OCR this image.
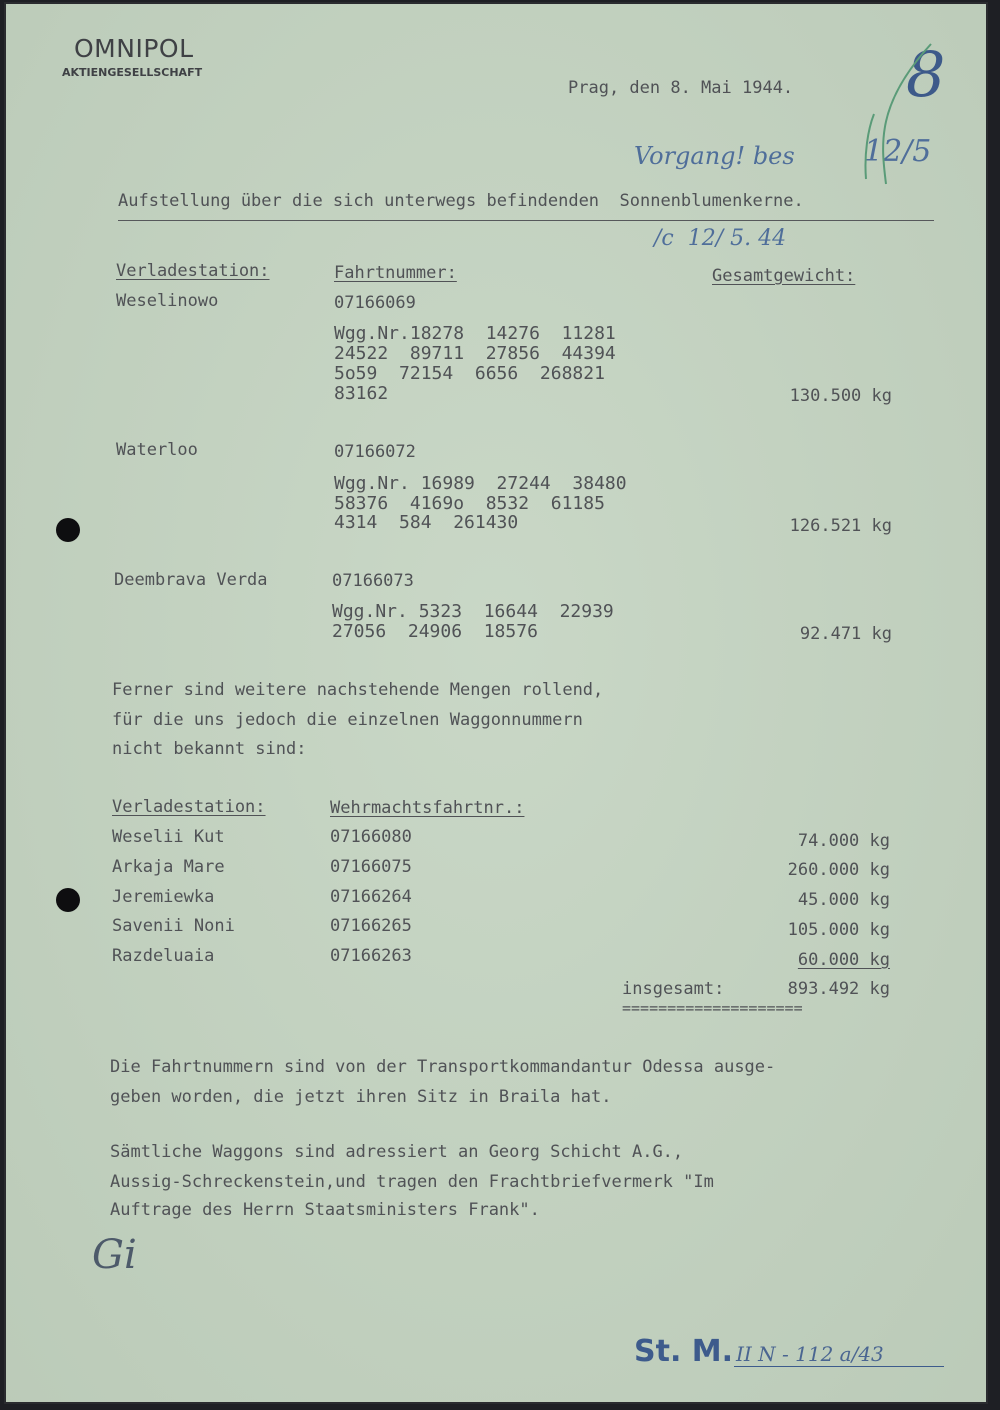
OMNIPOL
AKTIENGESELLSCHAFT
Prag, den 8. Mai 1944. 8
Vorgang! bes 12/5
/c  12/ 5. 44
Aufstellung über die sich unterwegs befindenden  Sonnenblumenkerne.
Verladestation:	Fahrtnummer:	Gesamtgewicht:
Weselinowo	07166069
Wgg.Nr.18278  14276  11281
24522  89711  27856  44394
5o59  72154  6656  268821
83162	130.500 kg
Waterloo	07166072
Wgg.Nr. 16989  27244  38480
58376  4169o  8532  61185
4314  584  261430	126.521 kg
Deembrava Verda	07166073
Wgg.Nr. 5323  16644  22939
27056  24906  18576	92.471 kg
Ferner sind weitere nachstehende Mengen rollend,
für die uns jedoch die einzelnen Waggonnummern
nicht bekannt sind:
Verladestation:	Wehrmachtsfahrtnr.:
Weselii Kut	07166080	74.000 kg
Arkaja Mare	07166075	260.000 kg
Jeremiewka	07166264	45.000 kg
Savenii Noni	07166265	105.000 kg
Razdeluaia	07166263	60.000 kg
insgesamt:	893.492 kg
====================
Die Fahrtnummern sind von der Transportkommandantur Odessa ausge-
geben worden, die jetzt ihren Sitz in Braila hat.
Sämtliche Waggons sind adressiert an Georg Schicht A.G.,
Aussig-Schreckenstein,und tragen den Frachtbriefvermerk "Im
Auftrage des Herrn Staatsministers Frank".
Gi
St. M. II N - 112 a/43
